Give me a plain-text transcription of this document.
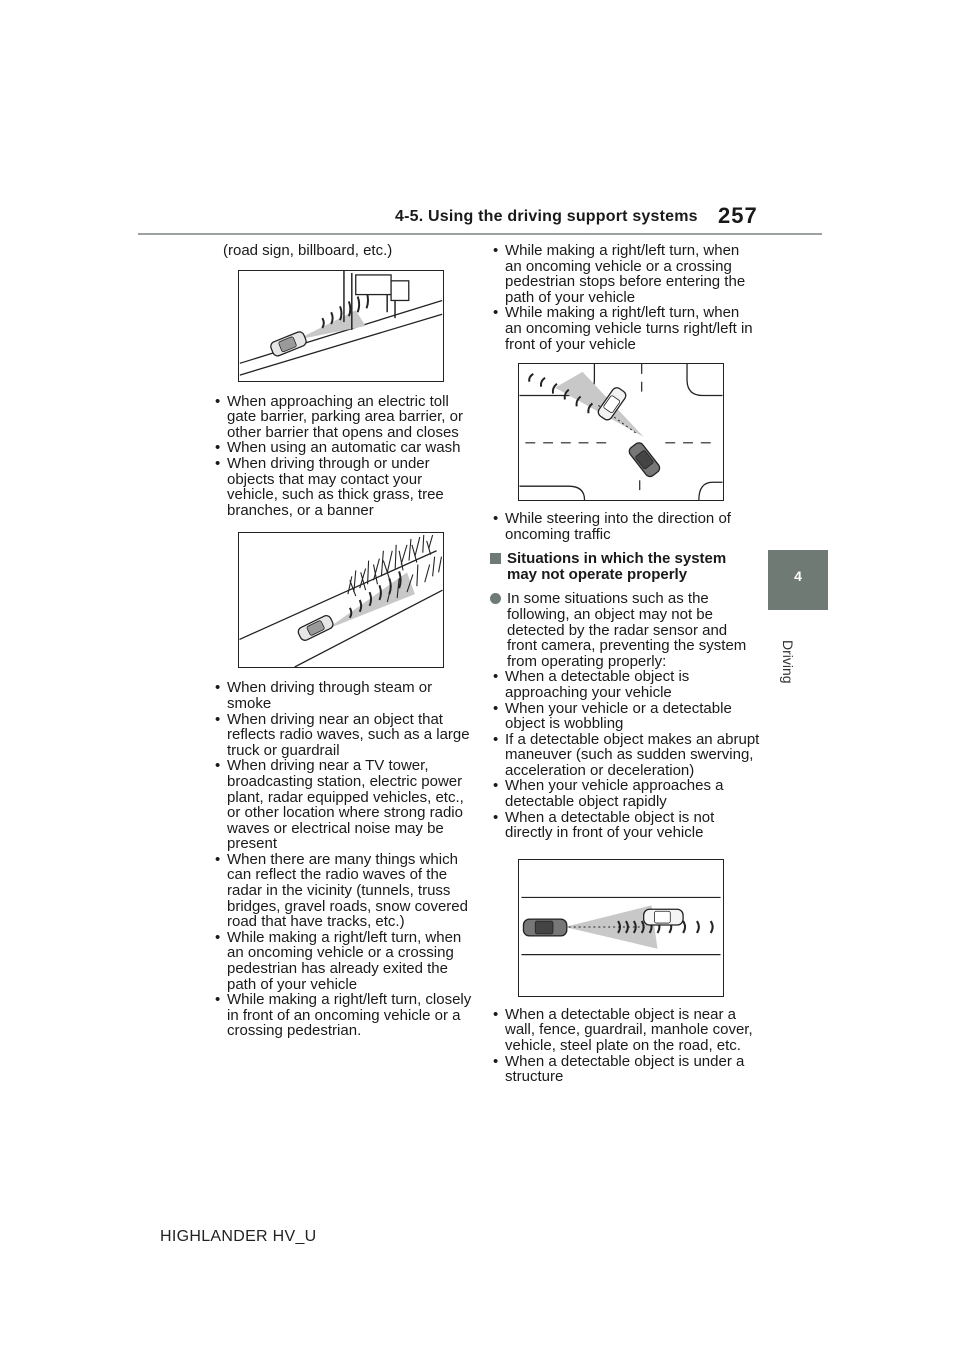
4-5. Using the driving support systems 257
4
Driving
(road sign, billboard, etc.)
• When approaching an electric toll gate barrier, parking area barrier, or other barrier that opens and closes
• When using an automatic car wash
• When driving through or under objects that may contact your vehicle, such as thick grass, tree branches, or a banner
• When driving through steam or smoke
• When driving near an object that reflects radio waves, such as a large truck or guardrail
• When driving near a TV tower, broadcasting station, electric power plant, radar equipped vehicles, etc., or other location where strong radio waves or electrical noise may be present
• When there are many things which can reflect the radio waves of the radar in the vicinity (tunnels, truss bridges, gravel roads, snow covered road that have tracks, etc.)
• While making a right/left turn, when an oncoming vehicle or a crossing pedestrian has already exited the path of your vehicle
• While making a right/left turn, closely in front of an oncoming vehicle or a crossing pedestrian.
• While making a right/left turn, when an oncoming vehicle or a crossing pedestrian stops before entering the path of your vehicle
• While making a right/left turn, when an oncoming vehicle turns right/left in front of your vehicle
• While steering into the direction of oncoming traffic
Situations in which the system may not operate properly
In some situations such as the following, an object may not be detected by the radar sensor and front camera, preventing the system from operating properly:
• When a detectable object is approaching your vehicle
• When your vehicle or a detectable object is wobbling
• If a detectable object makes an abrupt maneuver (such as sudden swerving, acceleration or deceleration)
• When your vehicle approaches a detectable object rapidly
• When a detectable object is not directly in front of your vehicle
• When a detectable object is near a wall, fence, guardrail, manhole cover, vehicle, steel plate on the road, etc.
• When a detectable object is under a structure
HIGHLANDER HV_U
